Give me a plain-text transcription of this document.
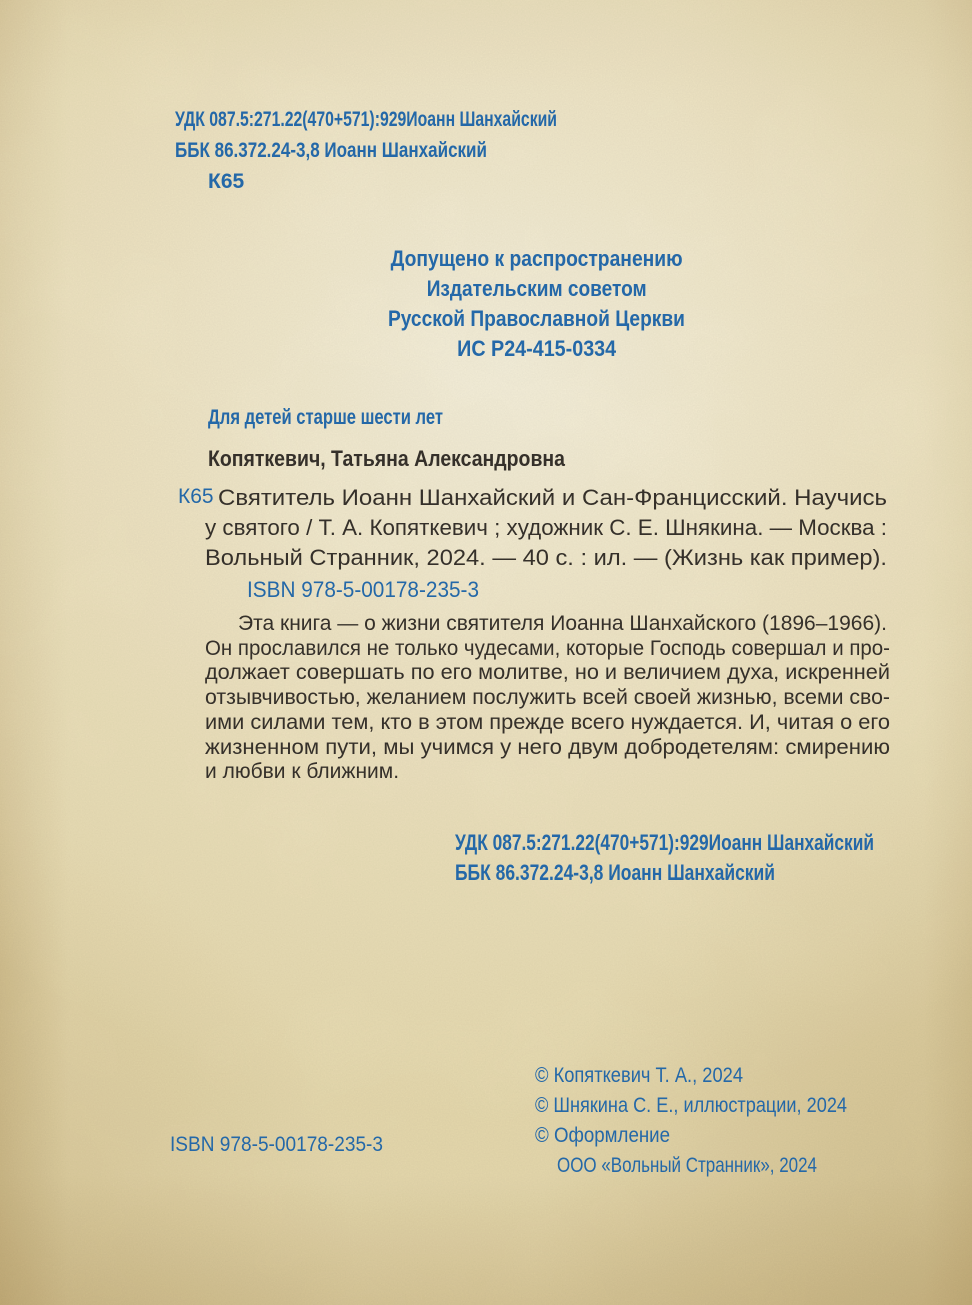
УДК 087.5:271.22(470+571):929Иоанн Шанхайский
ББК 86.372.24-3,8 Иоанн Шанхайский
К65
Допущено к распространению
Издательским советом
Русской Православной Церкви
ИС Р24-415-0334
Для детей старше шести лет
Копяткевич, Татьяна Александровна
К65 Святитель Иоанн Шанхайский и Сан-Францисский. Научись
у святого / Т. А. Копяткевич ; художник С. Е. Шнякина. — Москва :
Вольный Странник, 2024. — 40 с. : ил. — (Жизнь как пример).
ISBN 978-5-00178-235-3
Эта книга — о жизни святителя Иоанна Шанхайского (1896–1966).
Он прославился не только чудесами, которые Господь совершал и про-
должает совершать по его молитве, но и величием духа, искренней
отзывчивостью, желанием послужить всей своей жизнью, всеми сво-
ими силами тем, кто в этом прежде всего нуждается. И, читая о его
жизненном пути, мы учимся у него двум добродетелям: смирению
и любви к ближним.
УДК 087.5:271.22(470+571):929Иоанн Шанхайский
ББК 86.372.24-3,8 Иоанн Шанхайский
© Копяткевич Т. А., 2024
© Шнякина С. Е., иллюстрации, 2024
© Оформление
ООО «Вольный Странник», 2024
ISBN 978-5-00178-235-3
